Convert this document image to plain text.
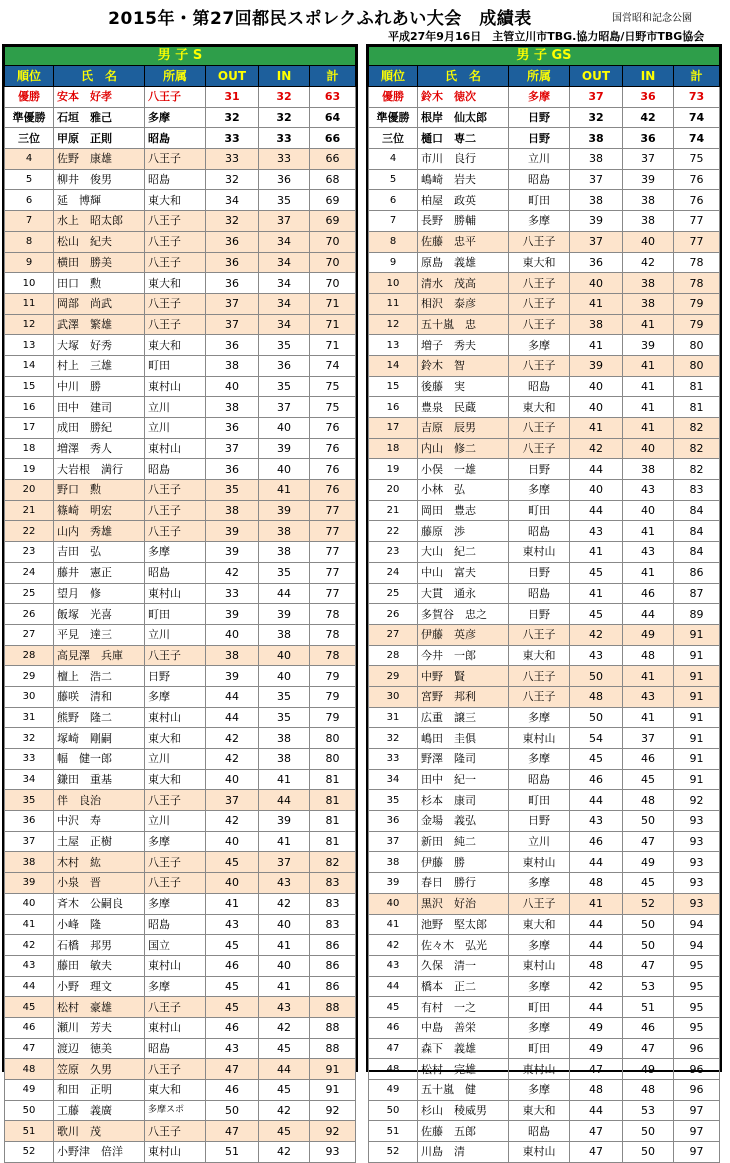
2015年・第27回都民スポレクふれあい大会　成績表	国営昭和記念公園
平成27年9月16日　主管立川市TBG.協力昭島/日野市TBG協会
男 子 S					
順位	氏　名	所属	OUT	IN	計
優勝	安本　好孝	八王子	31	32	63
準優勝	石垣　雅己	多摩	32	32	64
三位	甲原　正則	昭島	33	33	66
4	佐野　康雄	八王子	33	33	66
5	柳井　俊男	昭島	32	36	68
6	延　博輝	東大和	34	35	69
7	水上　昭太郎	八王子	32	37	69
8	松山　紀夫	八王子	36	34	70
9	横田　勝美	八王子	36	34	70
10	田口　勲	東大和	36	34	70
11	岡部　尚武	八王子	37	34	71
12	武澤　繁雄	八王子	37	34	71
13	大塚　好秀	東大和	36	35	71
14	村上　三雄	町田	38	36	74
15	中川　勝	東村山	40	35	75
16	田中　建司	立川	38	37	75
17	成田　勝紀	立川	36	40	76
18	増澤　秀人	東村山	37	39	76
19	大岩根　満行	昭島	36	40	76
20	野口　勲	八王子	35	41	76
21	篠崎　明宏	八王子	38	39	77
22	山内　秀雄	八王子	39	38	77
23	吉田　弘	多摩	39	38	77
24	藤井　憲正	昭島	42	35	77
25	望月　修	東村山	33	44	77
26	飯塚　光喜	町田	39	39	78
27	平見　達三	立川	40	38	78
28	高見澤　兵庫	八王子	38	40	78
29	檀上　浩二	日野	39	40	79
30	藤咲　清和	多摩	44	35	79
31	熊野　隆二	東村山	44	35	79
32	塚崎　剛嗣	東大和	42	38	80
33	幅　健一郎	立川	42	38	80
34	鎌田　重基	東大和	40	41	81
35	伴　良治	八王子	37	44	81
36	中沢　寿	立川	42	39	81
37	土屋　正樹	多摩	40	41	81
38	木村　紘	八王子	45	37	82
39	小泉　晋	八王子	40	43	83
40	斉木　公嗣良	多摩	41	42	83
41	小峰　隆	昭島	43	40	83
42	石橋　邦男	国立	45	41	86
43	藤田　敏夫	東村山	46	40	86
44	小野　理文	多摩	45	41	86
45	松村　豪雄	八王子	45	43	88
46	瀬川　芳夫	東村山	46	42	88
47	渡辺　徳美	昭島	43	45	88
48	笠原　久男	八王子	47	44	91
49	和田　正明	東大和	46	45	91
50	工藤　義廣	多摩スポ	50	42	92
51	歌川　茂	八王子	47	45	92
52	小野津　倍洋	東村山	51	42	93
男 子 GS					
順位	氏　名	所属	OUT	IN	計
優勝	鈴木　徳次	多摩	37	36	73
準優勝	根岸　仙太郎	日野	32	42	74
三位	樋口　専二	日野	38	36	74
4	市川　良行	立川	38	37	75
5	嶋崎　岩夫	昭島	37	39	76
6	柏屋　政英	町田	38	38	76
7	長野　勝輔	多摩	39	38	77
8	佐藤　忠平	八王子	37	40	77
9	原島　義雄	東大和	36	42	78
10	清水　茂高	八王子	40	38	78
11	相沢　泰彦	八王子	41	38	79
12	五十嵐　忠	八王子	38	41	79
13	増子　秀夫	多摩	41	39	80
14	鈴木　智	八王子	39	41	80
15	後藤　実	昭島	40	41	81
16	豊泉　民蔵	東大和	40	41	81
17	吉原　辰男	八王子	41	41	82
18	内山　修二	八王子	42	40	82
19	小俣　一雄	日野	44	38	82
20	小林　弘	多摩	40	43	83
21	岡田　豊志	町田	44	40	84
22	藤原　渉	昭島	43	41	84
23	大山　紀二	東村山	41	43	84
24	中山　富夫	日野	45	41	86
25	大貫　通永	昭島	41	46	87
26	多賀谷　忠之	日野	45	44	89
27	伊藤　英彦	八王子	42	49	91
28	今井　一郎	東大和	43	48	91
29	中野　賢	八王子	50	41	91
30	宮野　邦利	八王子	48	43	91
31	広重　譲三	多摩	50	41	91
32	嶋田　圭俱	東村山	54	37	91
33	野澤　隆司	多摩	45	46	91
34	田中　紀一	昭島	46	45	91
35	杉本　康司	町田	44	48	92
36	金場　義弘	日野	43	50	93
37	新田　純二	立川	46	47	93
38	伊藤　勝	東村山	44	49	93
39	春日　勝行	多摩	48	45	93
40	黒沢　好治	八王子	41	52	93
41	池野　堅太郎	東大和	44	50	94
42	佐々木　弘光	多摩	44	50	94
43	久保　清一	東村山	48	47	95
44	橋本　正二	多摩	42	53	95
45	有村　一之	町田	44	51	95
46	中島　善栄	多摩	49	46	95
47	森下　義雄	町田	49	47	96
48	松村　完雄	東村山	47	49	96
49	五十嵐　健	多摩	48	48	96
50	杉山　稜威男	東大和	44	53	97
51	佐藤　五郎	昭島	47	50	97
52	川島　清	東村山	47	50	97
